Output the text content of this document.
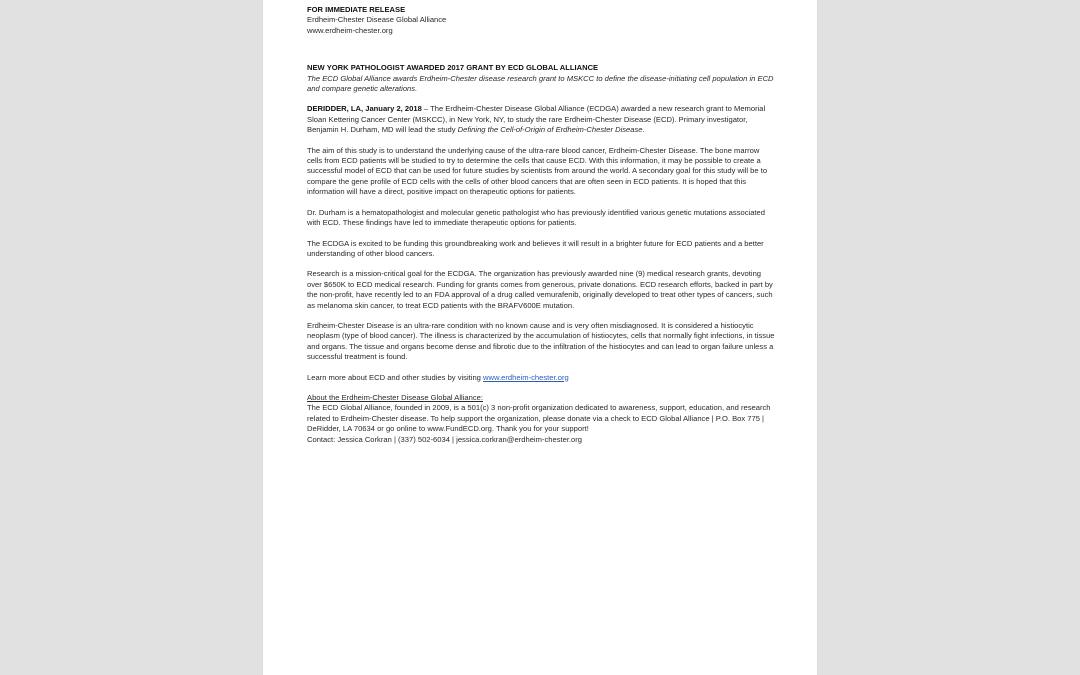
FOR IMMEDIATE RELEASE

Erdheim-Chester Disease Global Alliance

www.erdheim-chester.org

NEW YORK PATHOLOGIST AWARDED 2017 GRANT BY ECD GLOBAL ALLIANCE

The ECD Global Alliance awards Erdheim-Chester disease research grant to MSKCC to define the disease-initiating cell population in ECD and compare genetic alterations.

DERIDDER, LA, January 2, 2018 – The Erdheim-Chester Disease Global Alliance (ECDGA) awarded a new research grant to Memorial Sloan Kettering Cancer Center (MSKCC), in New York, NY, to study the rare Erdheim-Chester Disease (ECD). Primary investigator, Benjamin H. Durham, MD will lead the study Defining the Cell-of-Origin of Erdheim-Chester Disease.

The aim of this study is to understand the underlying cause of the ultra-rare blood cancer, Erdheim-Chester Disease. The bone marrow cells from ECD patients will be studied to try to determine the cells that cause ECD. With this information, it may be possible to create a successful model of ECD that can be used for future studies by scientists from around the world. A secondary goal for this study will be to compare the gene profile of ECD cells with the cells of other blood cancers that are often seen in ECD patients. It is hoped that this information will have a direct, positive impact on therapeutic options for patients.

Dr. Durham is a hematopathologist and molecular genetic pathologist who has previously identified various genetic mutations associated with ECD. These findings have led to immediate therapeutic options for patients.

The ECDGA is excited to be funding this groundbreaking work and believes it will result in a brighter future for ECD patients and a better understanding of other blood cancers.

Research is a mission-critical goal for the ECDGA. The organization has previously awarded nine (9) medical research grants, devoting over $650K to ECD medical research. Funding for grants comes from generous, private donations. ECD research efforts, backed in part by the non-profit, have recently led to an FDA approval of a drug called vemurafenib, originally developed to treat other types of cancers, such as melanoma skin cancer, to treat ECD patients with the BRAFV600E mutation.

Erdheim-Chester Disease is an ultra-rare condition with no known cause and is very often misdiagnosed. It is considered a histiocytic neoplasm (type of blood cancer). The illness is characterized by the accumulation of histiocytes, cells that normally fight infections, in tissue and organs. The tissue and organs become dense and fibrotic due to the infiltration of the histiocytes and can lead to organ failure unless a successful treatment is found.

Learn more about ECD and other studies by visiting www.erdheim-chester.org

About the Erdheim-Chester Disease Global Alliance:

The ECD Global Alliance, founded in 2009, is a 501(c) 3 non-profit organization dedicated to awareness, support, education, and research related to Erdheim-Chester disease. To help support the organization, please donate via a check to ECD Global Alliance | P.O. Box 775 | DeRidder, LA 70634 or go online to www.FundECD.org. Thank you for your support!

Contact: Jessica Corkran | (337) 502-6034 | jessica.corkran@erdheim-chester.org
